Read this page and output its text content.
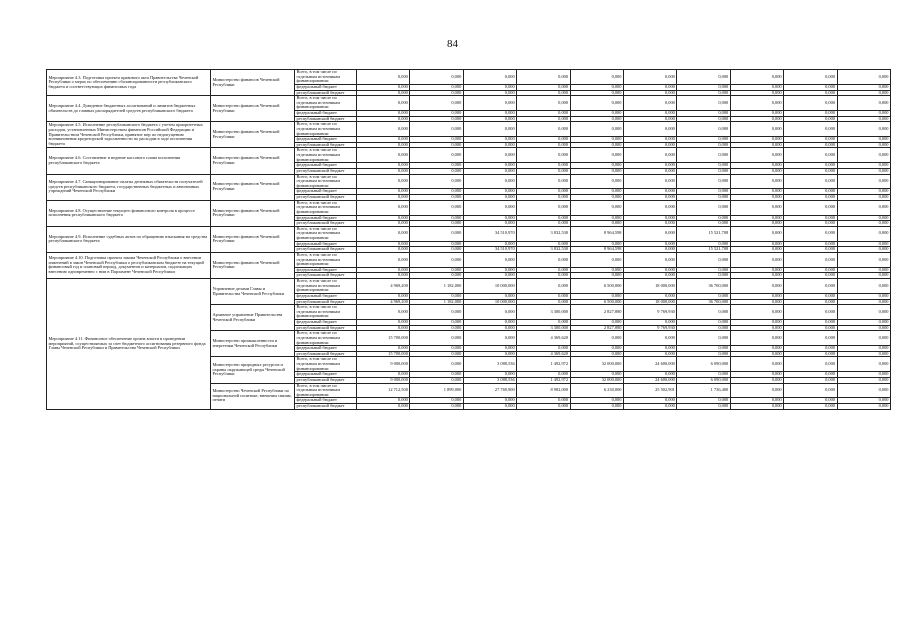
84
Мероприятие 4.3. Подготовка проекта правового акта Правительства Чеченской Республики о мерах по обеспечению сбалансированности республиканского бюджета и соответствующих финансовых года	Министерство финансов Чеченской Республики	Всего, в том числе по отдельным источникам финансирования:	0,000	0,000	0,000	0,000	0,000	0,000	0,000	0,000	0,000	0,000
		федеральный бюджет	0,000	0,000	0,000	0,000	0,000	0,000	0,000	0,000	0,000	0,000
		республиканский бюджет	0,000	0,000	0,000	0,000	0,000	0,000	0,000	0,000	0,000	0,000
Мероприятие 4.4. Доведение бюджетных ассигнований и лимитов бюджетных обязательств до главных распорядителей средств республиканского бюджета	Министерство финансов Чеченской Республики	Всего, в том числе по отдельным источникам финансирования:	0,000	0,000	0,000	0,000	0,000	0,000	0,000	0,000	0,000	0,000
		федеральный бюджет	0,000	0,000	0,000	0,000	0,000	0,000	0,000	0,000	0,000	0,000
		республиканский бюджет	0,000	0,000	0,000	0,000	0,000	0,000	0,000	0,000	0,000	0,000
Мероприятие 4.5. Исполнение республиканского бюджета с учетом приоритетных расходов, установленных Министерством финансов Российской Федерации и Правительством Чеченской Республики, принятие мер по недопущению возникновения кредиторской задолженности по расходам в ходе исполнения бюджета	Министерство финансов Чеченской Республики	Всего, в том числе по отдельным источникам финансирования:	0,000	0,000	0,000	0,000	0,000	0,000	0,000	0,000	0,000	0,000
		федеральный бюджет	0,000	0,000	0,000	0,000	0,000	0,000	0,000	0,000	0,000	0,000
		республиканский бюджет	0,000	0,000	0,000	0,000	0,000	0,000	0,000	0,000	0,000	0,000
Мероприятие 4.6. Составление и ведение кассового плана исполнения республиканского бюджета	Министерство финансов Чеченской Республики	Всего, в том числе по отдельным источникам финансирования:	0,000	0,000	0,000	0,000	0,000	0,000	0,000	0,000	0,000	0,000
		федеральный бюджет	0,000	0,000	0,000	0,000	0,000	0,000	0,000	0,000	0,000	0,000
		республиканский бюджет	0,000	0,000	0,000	0,000	0,000	0,000	0,000	0,000	0,000	0,000
Мероприятие 4.7. Санкционирование оплаты денежных обязательств получателей средств республиканского бюджета, государственных бюджетных и автономных учреждений Чеченской Республики	Министерство финансов Чеченской Республики	Всего, в том числе по отдельным источникам финансирования:	0,000	0,000	0,000	0,000	0,000	0,000	0,000	0,000	0,000	0,000
		федеральный бюджет	0,000	0,000	0,000	0,000	0,000	0,000	0,000	0,000	0,000	0,000
		республиканский бюджет	0,000	0,000	0,000	0,000	0,000	0,000	0,000	0,000	0,000	0,000
Мероприятие 4.8. Осуществление текущего финансового контроля в процессе исполнения республиканского бюджета	Министерство финансов Чеченской Республики	Всего, в том числе по отдельным источникам финансирования:	0,000	0,000	0,000	0,000	0,000	0,000	0,000	0,000	0,000	0,000
		федеральный бюджет	0,000	0,000	0,000	0,000	0,000	0,000	0,000	0,000	0,000	0,000
		республиканский бюджет	0,000	0,000	0,000	0,000	0,000	0,000	0,000	0,000	0,000	0,000
Мероприятие 4.9. Исполнение судебных актов по обращению взыскания на средства республиканского бюджета	Министерство финансов Чеченской Республики	Всего, в том числе по отдельным источникам финансирования:	0,000	0,000	34 510,970	3 832,530	8 964,598	0,000	15 521,708	0,000	0,000	0,000
		федеральный бюджет	0,000	0,000	0,000	0,000	0,000	0,000	0,000	0,000	0,000	0,000
		республиканский бюджет	0,000	0,000	34 510,970	3 832,530	8 964,598	0,000	15 521,708	0,000	0,000	0,000
Мероприятие 4.10. Подготовка проекта закона Чеченской Республики о внесении изменений в закон Чеченской Республики о республиканском бюджете на текущий финансовый год и плановый период, документов и материалов, подлежащих внесению одновременно с ним в Парламент Чеченской Республики	Министерство финансов Чеченской Республики	Всего, в том числе по отдельным источникам финансирования:	0,000	0,000	0,000	0,000	0,000	0,000	0,000	0,000	0,000	0,000
		федеральный бюджет	0,000	0,000	0,000	0,000	0,000	0,000	0,000	0,000	0,000	0,000
		республиканский бюджет	0,000	0,000	0,000	0,000	0,000	0,000	0,000	0,000	0,000	0,000
Мероприятие 4.11. Финансовое обеспечение органа власти в проведении мероприятий, осуществляемых за счет бюджетного ассигнования резервного фонда Главы Чеченской Республики и Правительства Чеченской Республики	Управление делами Главы и Правительства Чеченской Республики	Всего, в том числе по отдельным источникам финансирования:	4 969,200	1 182,000	10 000,000	0,000	6 500,000	18 000,000	36 700,000	0,000	0,000	0,000
		федеральный бюджет	0,000	0,000	0,000	0,000	0,000	0,000	0,000	0,000	0,000	0,000
		республиканский бюджет	4 969,200	1 182,000	10 000,000	0,000	6 500,000	18 000,000	36 700,000	0,000	0,000	0,000
	Архивное управление Правительства Чеченской Республики	Всего, в том числе по отдельным источникам финансирования:	0,000	0,000	0,000	3 300,000	2 827,880	9 769,930	0,000	0,000	0,000	0,000
		федеральный бюджет	0,000	0,000	0,000	0,000	0,000	0,000	0,000	0,000	0,000	0,000
		республиканский бюджет	0,000	0,000	0,000	3 300,000	2 827,880	9 769,930	0,000	0,000	0,000	0,000
	Министерство промышленности и энергетики Чеченской Республики	Всего, в том числе по отдельным источникам финансирования:	15 700,000	0,000	0,000	4 369,620	0,000	0,000	0,000	0,000	0,000	0,000
		федеральный бюджет	0,000	0,000	0,000	0,000	0,000	0,000	0,000	0,000	0,000	0,000
		республиканский бюджет	15 700,000	0,000	0,000	4 369,620	0,000	0,000	0,000	0,000	0,000	0,000
	Министерство природных ресурсов и охраны окружающей среды Чеченской Республики	Всего, в том числе по отдельным источникам финансирования:	9 000,000	0,000	3 088,536	1 492,972	32 000,000	24 600,000	6 090,000	0,000	0,000	0,000
		федеральный бюджет	0,000	0,000	0,000	0,000	0,000	0,000	0,000	0,000	0,000	0,000
		республиканский бюджет	9 000,000	0,000	3 088,536	1 492,972	32 000,000	24 600,000	6 090,000	0,000	0,000	0,000
	Министерство Чеченской Республики по национальной политике, внешним связям, печати	Всего, в том числе по отдельным источникам финансирования:	12 712,500	1 899,000	27 769,900	8 982,000	6 230,000	25 502,901	1 736,400	0,000	0,000	0,000
		федеральный бюджет	0,000	0,000	0,000	0,000	0,000	0,000	0,000	0,000	0,000	0,000
		республиканский бюджет	0,000	0,000	0,000	0,000	0,000	0,000	0,000	0,000	0,000	0,000
